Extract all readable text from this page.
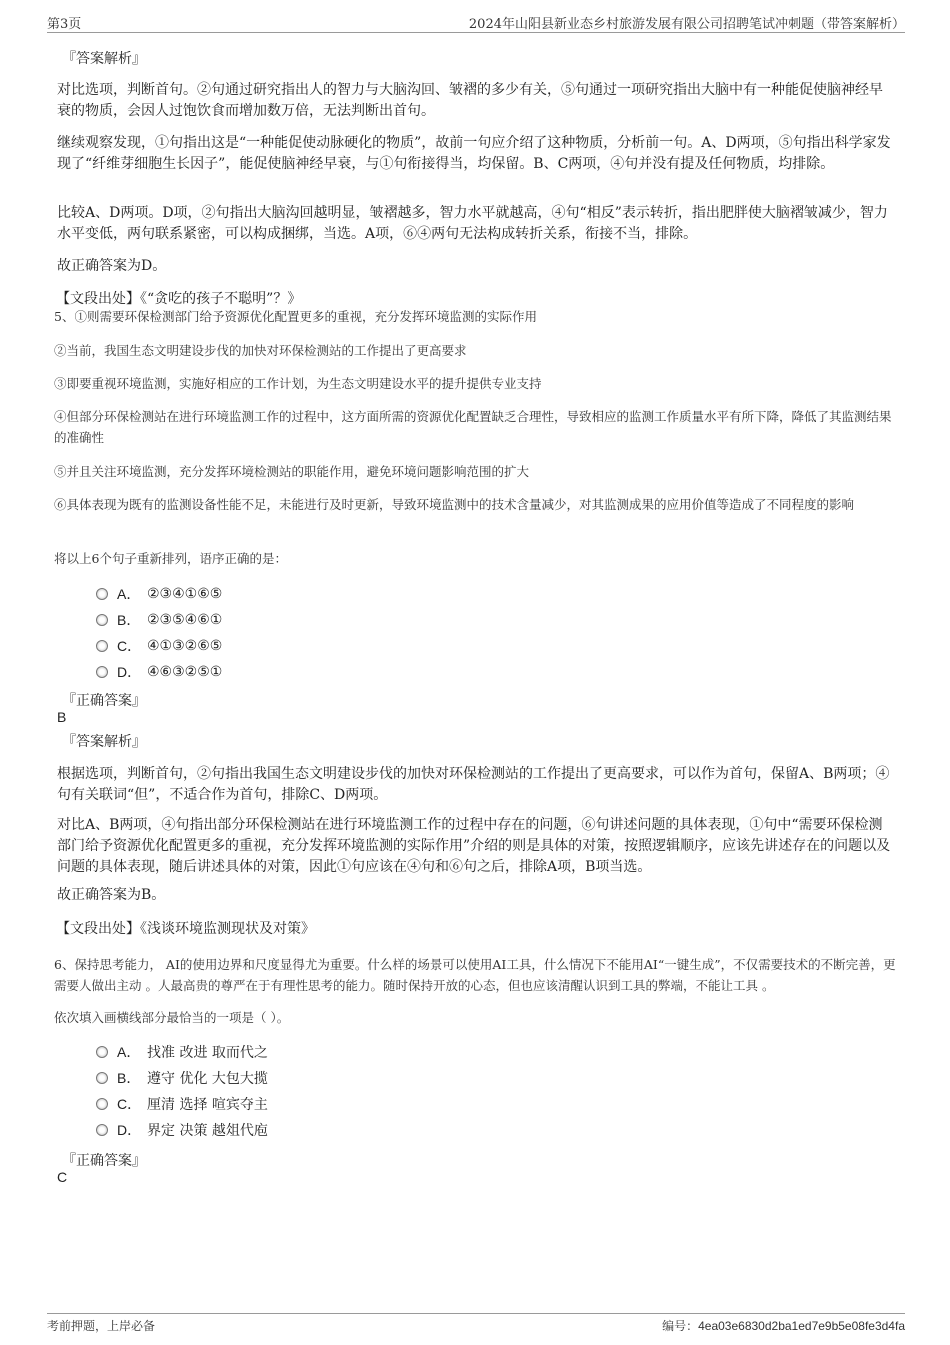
第3页	2024年山阳县新业态乡村旅游发展有限公司招聘笔试冲刺题（带答案解析）
『答案解析』
对比选项，判断首句。②句通过研究指出人的智力与大脑沟回、皱褶的多少有关，⑤句通过一项研究指出大脑中有一种能促使脑神经早衰的物质，会因人过饱饮食而增加数万倍，无法判断出首句。
继续观察发现，①句指出这是“一种能促使动脉硬化的物质”，故前一句应介绍了这种物质，分析前一句。A、D两项，⑤句指出科学家发现了“纤维芽细胞生长因子”，能促使脑神经早衰，与①句衔接得当，均保留。B、C两项，④句并没有提及任何物质，均排除。
比较A、D两项。D项，②句指出大脑沟回越明显，皱褶越多，智力水平就越高，④句“相反”表示转折，指出肥胖使大脑褶皱减少，智力水平变低，两句联系紧密，可以构成捆绑，当选。A项，⑥④两句无法构成转折关系，衔接不当，排除。
故正确答案为D。
【文段出处】《“贪吃的孩子不聪明”？》
5、①则需要环保检测部门给予资源优化配置更多的重视，充分发挥环境监测的实际作用
②当前，我国生态文明建设步伐的加快对环保检测站的工作提出了更高要求
③即要重视环境监测，实施好相应的工作计划，为生态文明建设水平的提升提供专业支持
④但部分环保检测站在进行环境监测工作的过程中，这方面所需的资源优化配置缺乏合理性，导致相应的监测工作质量水平有所下降，降低了其监测结果的准确性
⑤并且关注环境监测，充分发挥环境检测站的职能作用，避免环境问题影响范围的扩大
⑥具体表现为既有的监测设备性能不足，未能进行及时更新，导致环境监测中的技术含量减少，对其监测成果的应用价值等造成了不同程度的影响
将以上6个句子重新排列，语序正确的是：
A． ②③④①⑥⑤
B． ②③⑤④⑥①
C． ④①③②⑥⑤
D． ④⑥③②⑤①
『正确答案』
B
『答案解析』
根据选项，判断首句，②句指出我国生态文明建设步伐的加快对环保检测站的工作提出了更高要求，可以作为首句，保留A、B两项；④句有关联词“但”，不适合作为首句，排除C、D两项。
对比A、B两项，④句指出部分环保检测站在进行环境监测工作的过程中存在的问题，⑥句讲述问题的具体表现，①句中“需要环保检测部门给予资源优化配置更多的重视，充分发挥环境监测的实际作用”介绍的则是具体的对策，按照逻辑顺序，应该先讲述存在的问题以及问题的具体表现，随后讲述具体的对策，因此①句应该在④句和⑥句之后，排除A项，B项当选。
故正确答案为B。
【文段出处】《浅谈环境监测现状及对策》
6、保持思考能力， AI的使用边界和尺度显得尤为重要。什么样的场景可以使用AI工具，什么情况下不能用AI“一键生成”，不仅需要技术的不断完善，更需要人做出主动 。人最高贵的尊严在于有理性思考的能力。随时保持开放的心态，但也应该清醒认识到工具的弊端，不能让工具 。
依次填入画横线部分最恰当的一项是（ ）。
A． 找准 改进 取而代之
B． 遵守 优化 大包大揽
C． 厘清 选择 喧宾夺主
D． 界定 决策 越俎代庖
『正确答案』
C
考前押题，上岸必备	编号：4ea03e6830d2ba1ed7e9b5e08fe3d4fa
